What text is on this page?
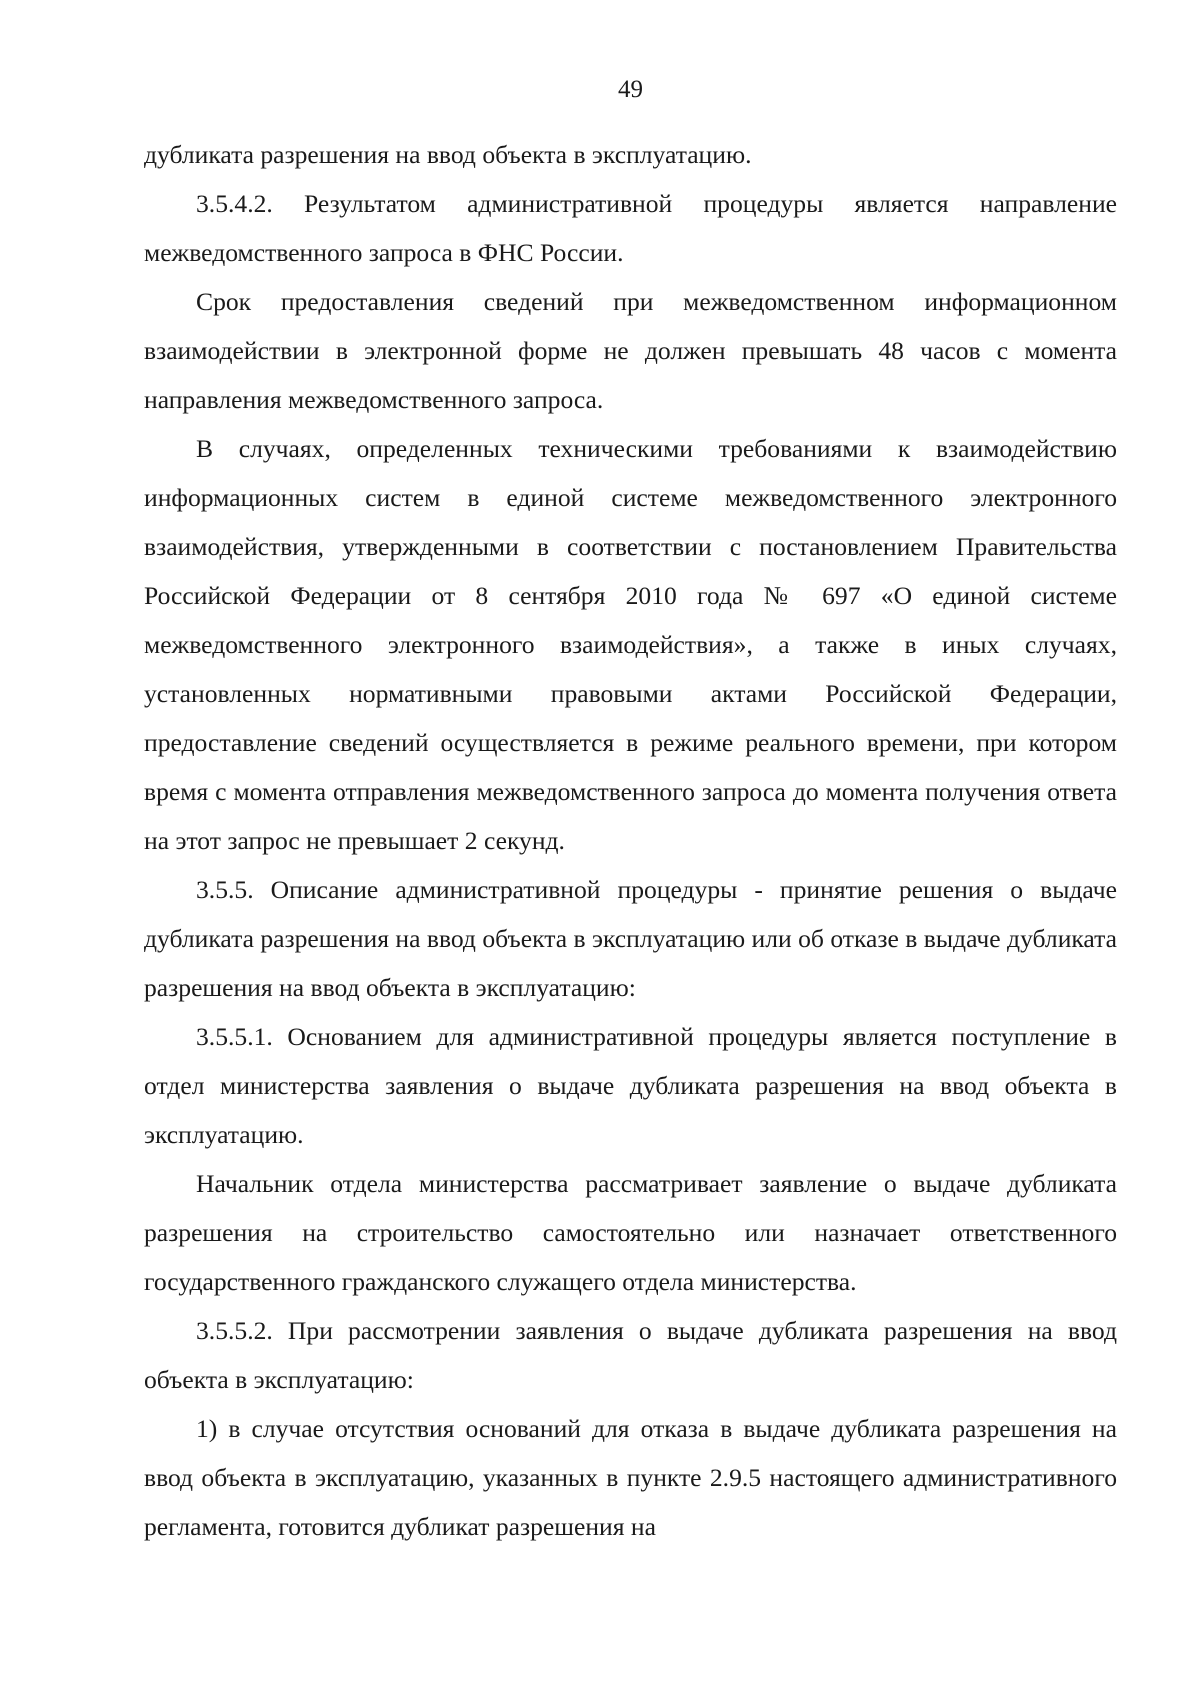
49

дубликата разрешения на ввод объекта в эксплуатацию.

3.5.4.2. Результатом административной процедуры является направление межведомственного запроса в ФНС России.

Срок предоставления сведений при межведомственном информационном взаимодействии в электронной форме не должен превышать 48 часов с момента направления межведомственного запроса.

В случаях, определенных техническими требованиями к взаимодействию информационных систем в единой системе межведомственного электронного взаимодействия, утвержденными в соответствии с постановлением Правительства Российской Федерации от 8 сентября 2010 года № 697 «О единой системе межведомственного электронного взаимодействия», а также в иных случаях, установленных нормативными правовыми актами Российской Федерации, предоставление сведений осуществляется в режиме реального времени, при котором время с момента отправления межведомственного запроса до момента получения ответа на этот запрос не превышает 2 секунд.

3.5.5. Описание административной процедуры - принятие решения о выдаче дубликата разрешения на ввод объекта в эксплуатацию или об отказе в выдаче дубликата разрешения на ввод объекта в эксплуатацию:

3.5.5.1. Основанием для административной процедуры является поступление в отдел министерства заявления о выдаче дубликата разрешения на ввод объекта в эксплуатацию.

Начальник отдела министерства рассматривает заявление о выдаче дубликата разрешения на строительство самостоятельно или назначает ответственного государственного гражданского служащего отдела министерства.

3.5.5.2. При рассмотрении заявления о выдаче дубликата разрешения на ввод объекта в эксплуатацию:

1) в случае отсутствия оснований для отказа в выдаче дубликата разрешения на ввод объекта в эксплуатацию, указанных в пункте 2.9.5 настоящего административного регламента, готовится дубликат разрешения на
